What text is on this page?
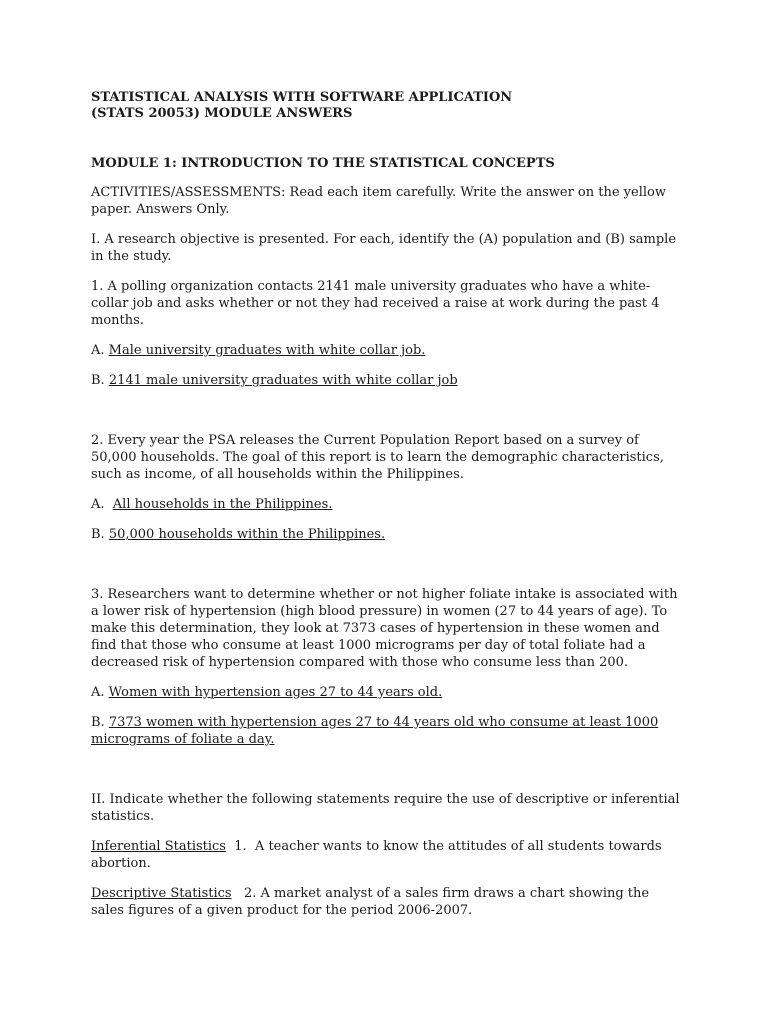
STATISTICAL ANALYSIS WITH SOFTWARE APPLICATION

(STATS 20053) MODULE ANSWERS

MODULE 1: INTRODUCTION TO THE STATISTICAL CONCEPTS

ACTIVITIES/ASSESSMENTS: Read each item carefully. Write the answer on the yellow paper. Answers Only.

I. A research objective is presented. For each, identify the (A) population and (B) sample in the study.

1. A polling organization contacts 2141 male university graduates who have a white-collar job and asks whether or not they had received a raise at work during the past 4 months.

A. Male university graduates with white collar job.

B. 2141 male university graduates with white collar job

2. Every year the PSA releases the Current Population Report based on a survey of 50,000 households. The goal of this report is to learn the demographic characteristics, such as income, of all households within the Philippines.

A.  All households in the Philippines.

B. 50,000 households within the Philippines.

3. Researchers want to determine whether or not higher foliate intake is associated with a lower risk of hypertension (high blood pressure) in women (27 to 44 years of age). To make this determination, they look at 7373 cases of hypertension in these women and find that those who consume at least 1000 micrograms per day of total foliate had a decreased risk of hypertension compared with those who consume less than 200.

A. Women with hypertension ages 27 to 44 years old.

B. 7373 women with hypertension ages 27 to 44 years old who consume at least 1000 micrograms of foliate a day.

II. Indicate whether the following statements require the use of descriptive or inferential statistics.

Inferential Statistics  1.  A teacher wants to know the attitudes of all students towards abortion.

Descriptive Statistics 2. A market analyst of a sales firm draws a chart showing the sales figures of a given product for the period 2006-2007.
